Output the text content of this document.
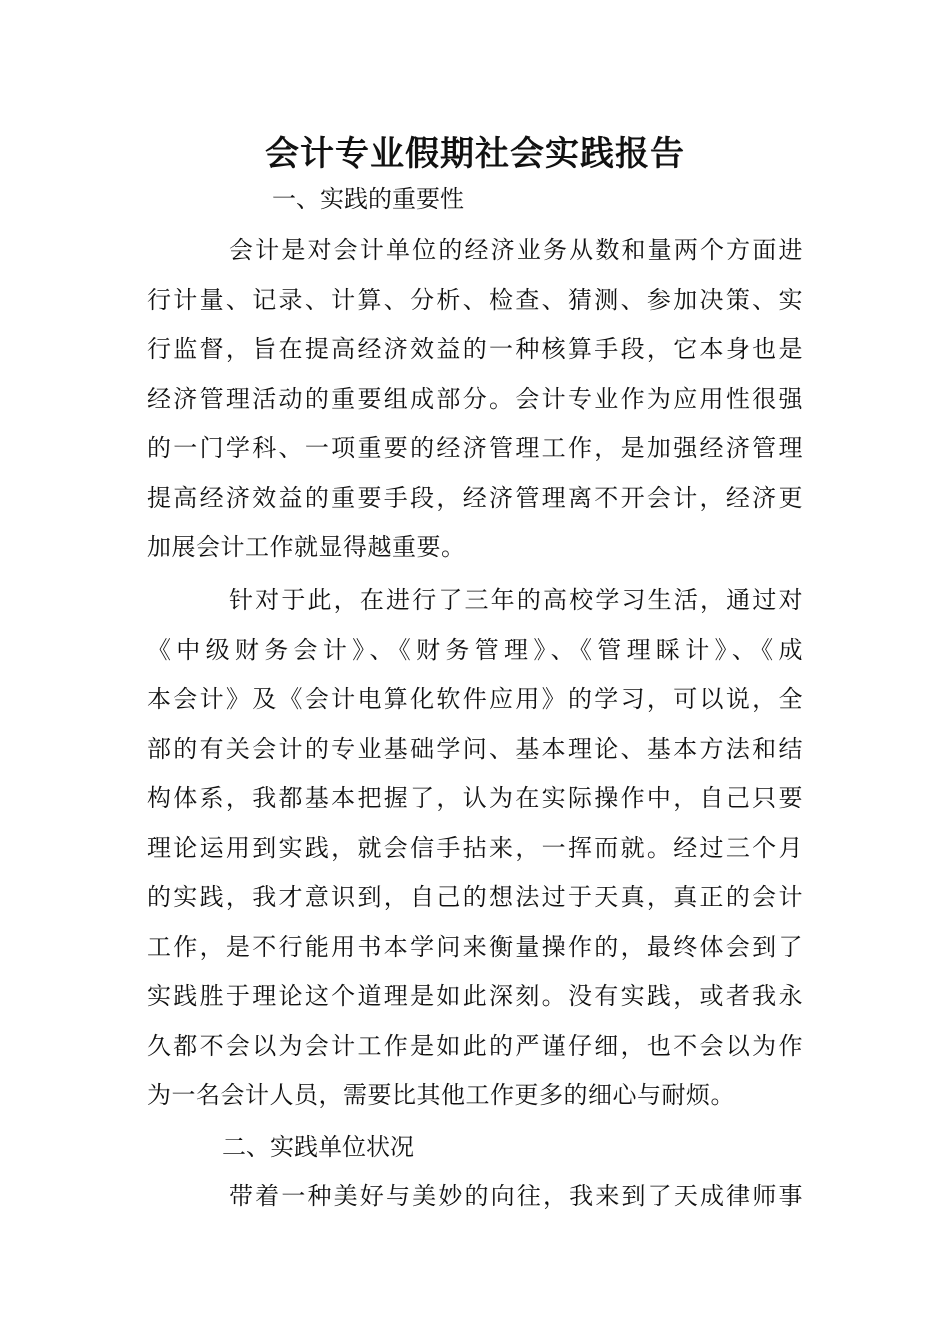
会计专业假期社会实践报告

一、实践的重要性

会计是对会计单位的经济业务从数和量两个方面进
行计量、记录、计算、分析、检查、猜测、参加决策、实
行监督，旨在提高经济效益的一种核算手段，它本身也是
经济管理活动的重要组成部分。会计专业作为应用性很强
的一门学科、一项重要的经济管理工作，是加强经济管理
提高经济效益的重要手段，经济管理离不开会计，经济更
加展会计工作就显得越重要。
针对于此，在进行了三年的高校学习生活，通过对
《中级财务会计》、《财务管理》、《管理睬计》、《成
本会计》及《会计电算化软件应用》的学习，可以说，全
部的有关会计的专业基础学问、基本理论、基本方法和结
构体系，我都基本把握了，认为在实际操作中，自己只要
理论运用到实践，就会信手拈来，一挥而就。经过三个月
的实践，我才意识到，自己的想法过于天真，真正的会计
工作，是不行能用书本学问来衡量操作的，最终体会到了
实践胜于理论这个道理是如此深刻。没有实践，或者我永
久都不会以为会计工作是如此的严谨仔细，也不会以为作
为一名会计人员，需要比其他工作更多的细心与耐烦。

二、实践单位状况

带着一种美好与美妙的向往，我来到了天成律师事
